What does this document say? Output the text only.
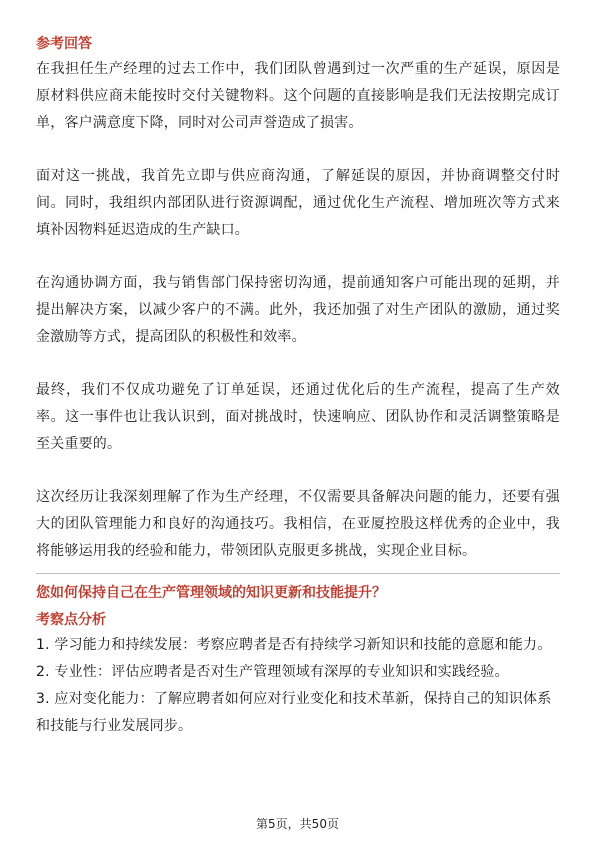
参考回答

在我担任生产经理的过去工作中，我们团队曾遇到过一次严重的生产延误，原因是原材料供应商未能按时交付关键物料。这个问题的直接影响是我们无法按期完成订单，客户满意度下降，同时对公司声誉造成了损害。

面对这一挑战，我首先立即与供应商沟通，了解延误的原因，并协商调整交付时间。同时，我组织内部团队进行资源调配，通过优化生产流程、增加班次等方式来填补因物料延迟造成的生产缺口。

在沟通协调方面，我与销售部门保持密切沟通，提前通知客户可能出现的延期，并提出解决方案，以减少客户的不满。此外，我还加强了对生产团队的激励，通过奖金激励等方式，提高团队的积极性和效率。

最终，我们不仅成功避免了订单延误，还通过优化后的生产流程，提高了生产效率。这一事件也让我认识到，面对挑战时，快速响应、团队协作和灵活调整策略是至关重要的。

这次经历让我深刻理解了作为生产经理，不仅需要具备解决问题的能力，还要有强大的团队管理能力和良好的沟通技巧。我相信，在亚厦控股这样优秀的企业中，我将能够运用我的经验和能力，带领团队克服更多挑战，实现企业目标。

您如何保持自己在生产管理领域的知识更新和技能提升？
考察点分析

1. 学习能力和持续发展：考察应聘者是否有持续学习新知识和技能的意愿和能力。

2. 专业性：评估应聘者是否对生产管理领域有深厚的专业知识和实践经验。

3. 应对变化能力：了解应聘者如何应对行业变化和技术革新，保持自己的知识体系和技能与行业发展同步。

第5页，共50页
